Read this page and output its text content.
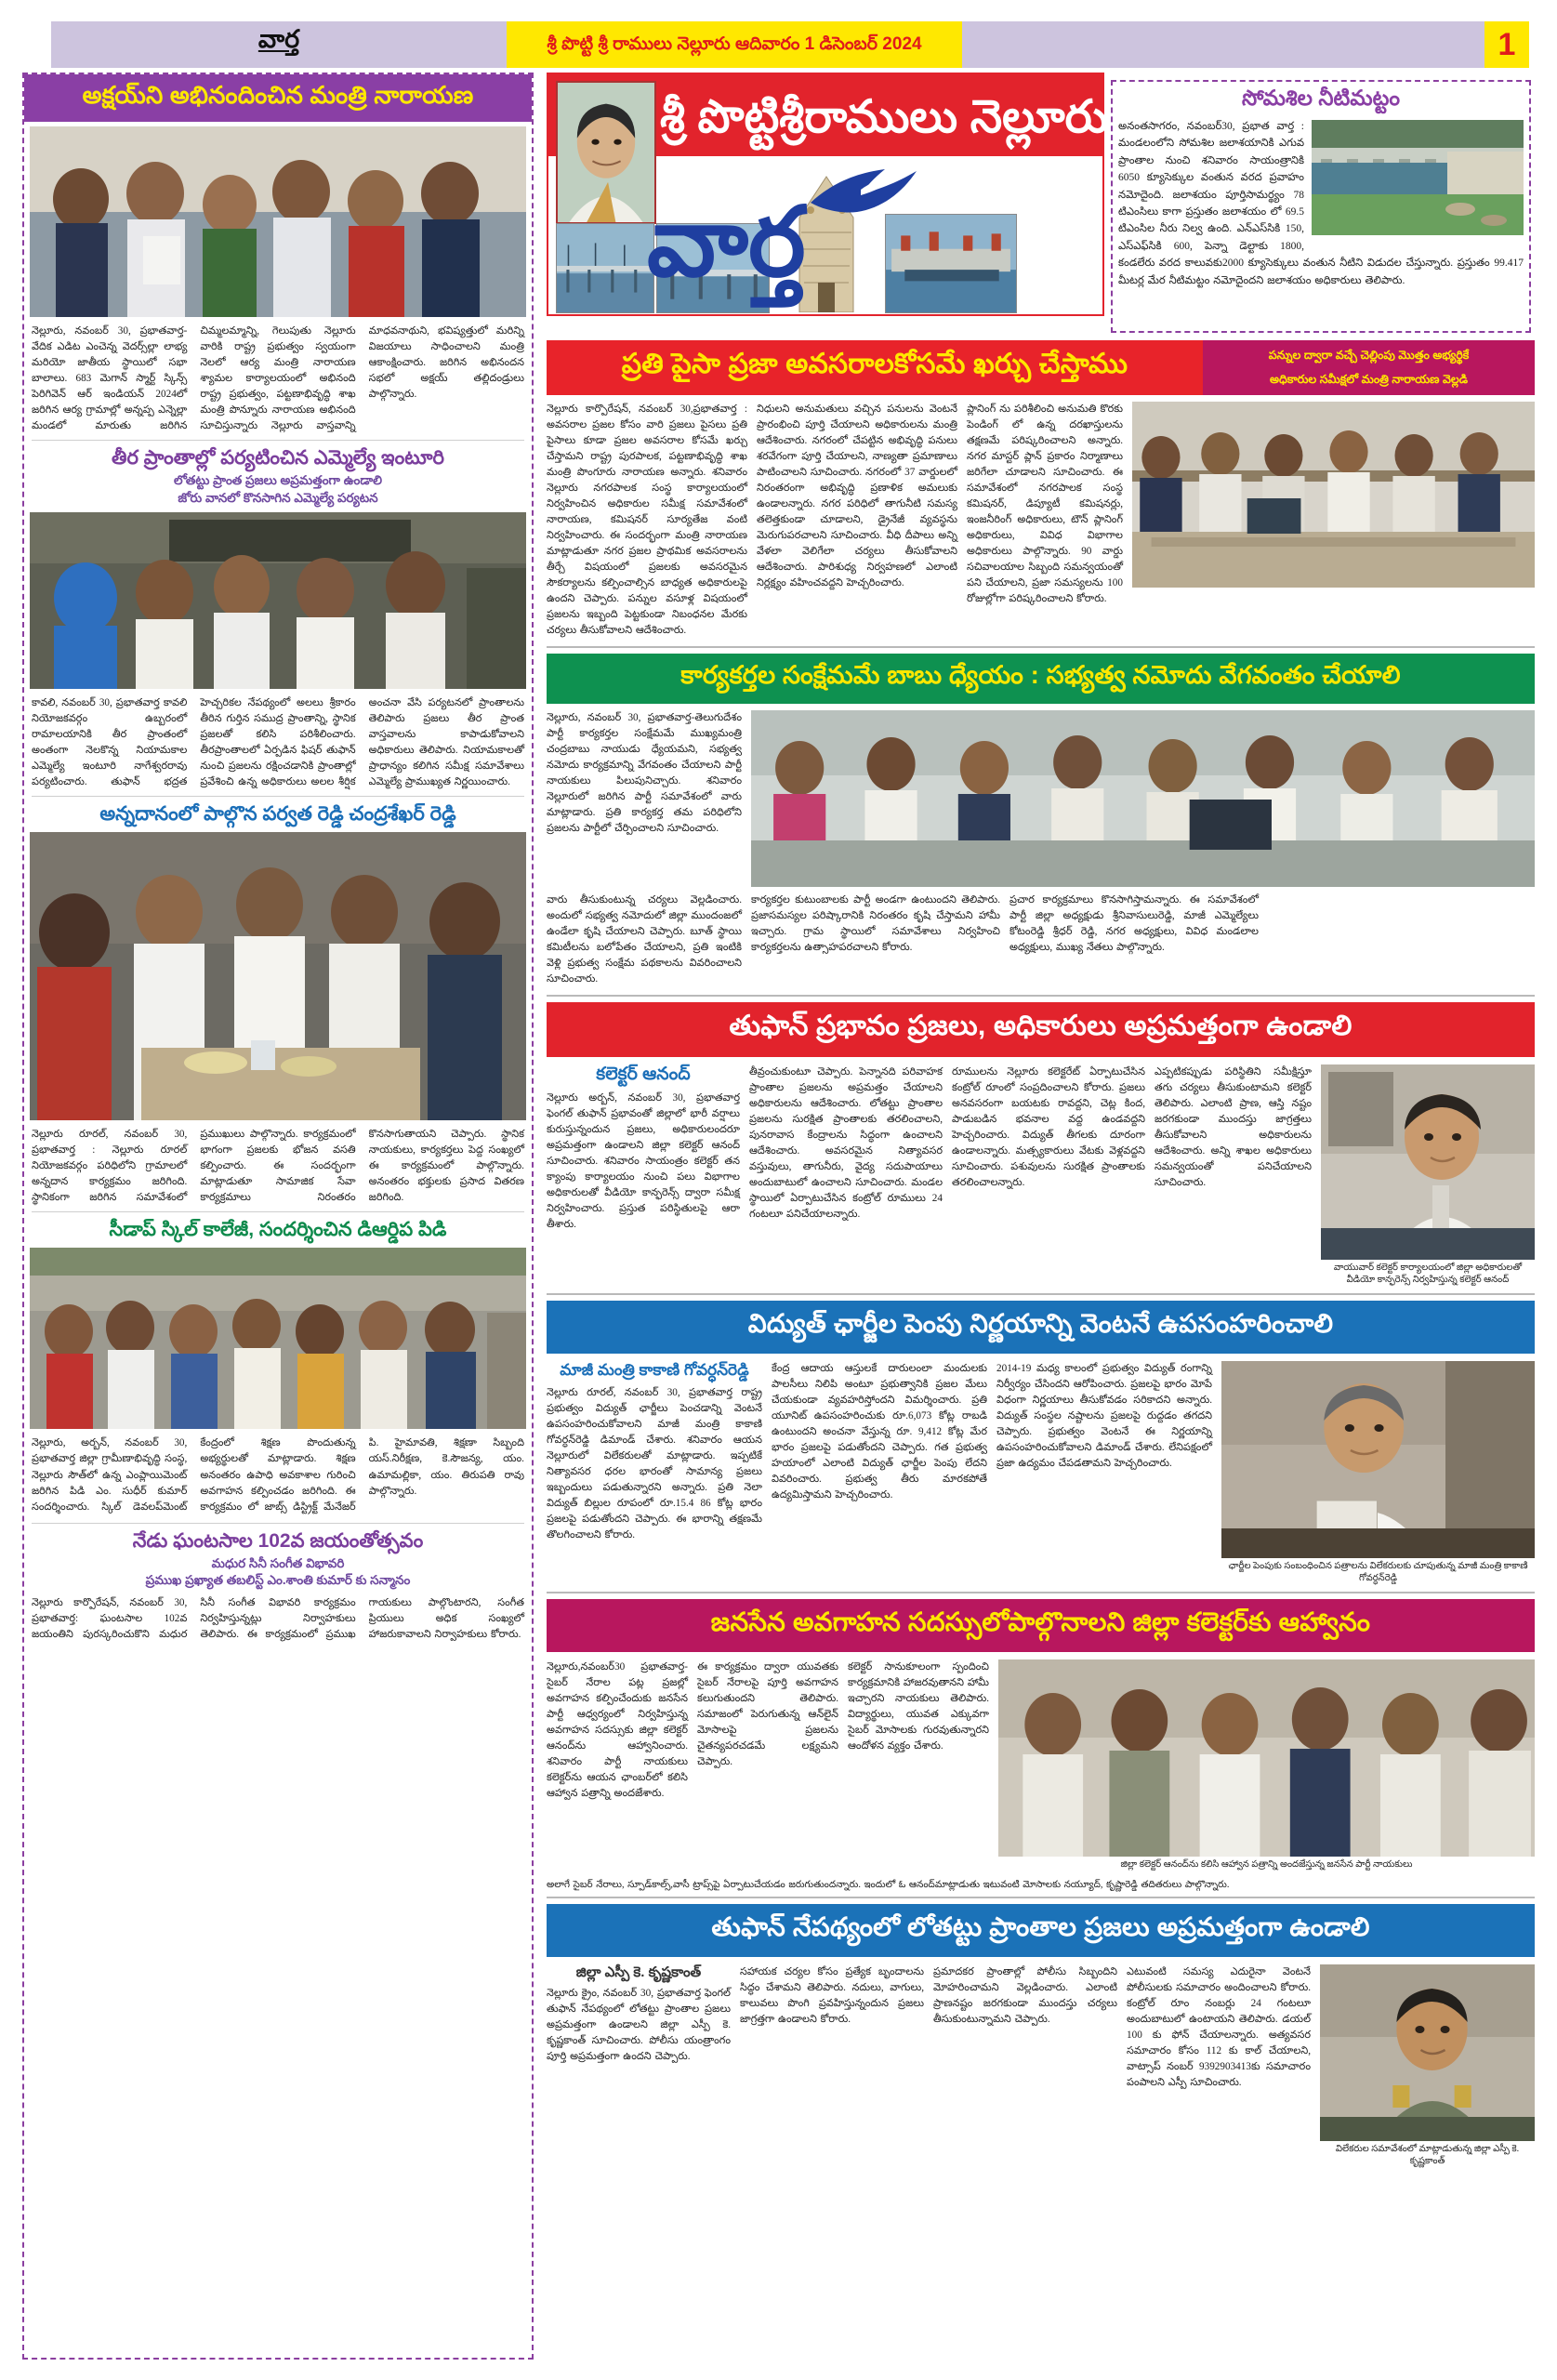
వార్త	శ్రీ పొట్టి శ్రీ రాములు నెల్లూరు ఆదివారం 1 డిసెంబర్ 2024	1
అక్షయ్‌ని అభినందించిన మంత్రి నారాయణ
నెల్లూరు, నవంబర్ 30, ప్రభాతవార్త-వేదిక ఎడిట ఎంచెన్న వెదర్స్‌ల్లా లాభ్య మరియో జాతీయ స్థాయిలో సభా బాలాలు. 683 మెగాన్‌ స్మార్ట్‌ స్కిన్స్‌ పెరిగివెన్‌ ఆర్‌ ఇండియన్‌ 2024లో జరిగిన ఆర్య గ్రామాల్లో అన్నప్ప ఎన్నెల్లా మండలో మారుతు జరిగిన చిమ్మలమ్మాన్ని, గెలుపుతు నెల్లూరు వారికి రాష్ట్ర ప్రభుత్వం స్వయంగా నెలలో ఆర్య మంత్రి నారాయణ శ్యామల కార్యాలయంలో అభినంది రాష్ట్ర ప్రభుత్వం, పట్టణాభివృద్ధి శాఖ మంత్రి పొన్నూరు నారాయణ అభినంది సూచిస్తున్నారు నెల్లూరు వాస్తవాన్ని మాధవనాథుని, భవిష్యత్తులో మరిన్ని విజయాలు సాధించాలని మంత్రి ఆకాంక్షించారు. జరిగిన అభినందన సభలో అక్షయ్ తల్లిదండ్రులు పాల్గొన్నారు.
తీర ప్రాంతాల్లో పర్యటించిన ఎమ్మెల్యే ఇంటూరి
లోతట్టు ప్రాంత ప్రజలు అప్రమత్తంగా ఉండాలి
జోరు వానలో కొనసాగిన ఎమ్మెల్యే పర్యటన
కావలి, నవంబర్ 30, ప్రభాతవార్త కావలి నియోజకవర్గం ఉబ్బరంలో రామాలయానికి తీర ప్రాంతంలో అంతంగా నెలకొన్న నియామకాల ఎమ్మెల్యే ఇంటూరి నాగేశ్వరరావు పర్యటించారు. తుఫాన్ భద్రత హెచ్చరికల నేపథ్యంలో అలలు శ్రీకారం తీరిన గుర్తిన సముద్ర ప్రాంతాన్ని, స్థానిక ప్రజలతో కలిసి పరిశీలించారు. తీరప్రాంతాలలో ఏర్పడిన ఫిషర్ తుఫాన్ నుంచి ప్రజలను రక్షించడానికి ప్రాంతాల్లో ప్రవేశించి ఉన్న అధికారులు అలల శీర్షిక అంచనా వేసి పర్యటనలో ప్రాంతాలను తెలిపారు ప్రజలు తీర ప్రాంత వాస్తవాలను కాపాడుకోవాలని అధికారులు తెలిపారు. నియామకాలతో ప్రాధాన్యం కలిగిన సమీక్ష సమావేశాలు ఎమ్మెల్యే ప్రాముఖ్యత నిర్ణయించారు.
అన్నదానంలో పాల్గొన పర్వత రెడ్డి చంద్రశేఖర్ రెడ్డి
నెల్లూరు రూరల్, నవంబర్ 30, ప్రభాతవార్త : నెల్లూరు రూరల్ నియోజకవర్గం పరిధిలోని గ్రామాలలో అన్నదాన కార్యక్రమం జరిగింది. స్థానికంగా జరిగిన సమావేశంలో ప్రముఖులు పాల్గొన్నారు. కార్యక్రమంలో భాగంగా ప్రజలకు భోజన వసతి కల్పించారు. ఈ సందర్భంగా మాట్లాడుతూ సామాజిక సేవా కార్యక్రమాలు నిరంతరం కొనసాగుతాయని చెప్పారు. స్థానిక నాయకులు, కార్యకర్తలు పెద్ద సంఖ్యలో ఈ కార్యక్రమంలో పాల్గొన్నారు. అనంతరం భక్తులకు ప్రసాద వితరణ జరిగింది.
సీడాప్ స్కిల్ కాలేజీ, సందర్శించిన డిఆర్డిప పిడి
నెల్లూరు, అర్బన్, నవంబర్ 30, ప్రభాతవార్త జిల్లా గ్రామీణాభివృద్ధి సంస్థ, నెల్లూరు సౌత్‌లో ఉన్న ఎంప్లాయిమెంట్ జరిగిన పిడి ఎం. సుధీర్ కుమార్ సందర్శించారు. స్కిల్ డెవలప్‌మెంట్ కేంద్రంలో శిక్షణ పొందుతున్న అభ్యర్థులతో మాట్లాడారు. శిక్షణ అనంతరం ఉపాధి అవకాశాల గురించి అవగాహన కల్పించడం జరిగింది. ఈ కార్యక్రమం లో జాబ్స్ డిస్ట్రిక్ట్ మేనేజర్ పి. హైమావతి, శిక్షణా సిబ్బంది యస్.నిరీక్షణ, కె.సౌజన్య, యం. ఉమామల్లికా, యం. తిరుపతి రావు పాల్గొన్నారు.
నేడు ఘంటసాల 102వ జయంతోత్సవం
మధుర సినీ సంగీత విభావరి
ప్రముఖ ప్రఖ్యాత తబలిస్ట్ ఎం.శాంతి కుమార్ కు సన్మానం
నెల్లూరు కార్పొరేషన్, నవంబర్ 30, ప్రభాతవార్త: ఘంటసాల 102వ జయంతిని పురస్కరించుకొని మధుర సినీ సంగీత విభావరి కార్యక్రమం నిర్వహిస్తున్నట్లు నిర్వాహకులు తెలిపారు. ఈ కార్యక్రమంలో ప్రముఖ గాయకులు పాల్గొంటారని, సంగీత ప్రియులు అధిక సంఖ్యలో హాజరుకావాలని నిర్వాహకులు కోరారు.
శ్రీ పొట్టిశ్రీరాములు నెల్లూరు
వార్త
సోమశిల నీటిమట్టం
అనంతసాగరం, నవంబర్30, ప్రభాత వార్త : మండలంలోని సోమశిల జలాశయానికి ఎగువ ప్రాంతాల నుంచి శనివారం సాయంత్రానికి 6050 క్యూసెక్కుల వంతున వరద ప్రవాహం నమోదైంది. జలాశయం పూర్తిసామర్థ్యం 78 టిఎంసిలు కాగా ప్రస్తుతం జలాశయం లో 69.5 టిఎంసిల నీరు నిల్వ ఉంది. ఎన్‌ఎస్‌సికి 150, ఎస్‌ఎఫ్‌సికి 600, పెన్నా డెల్టాకు 1800, కండలేరు వరద కాలువకు2000 క్యూసెక్కులు వంతున నీటిని విడుదల చేస్తున్నారు. ప్రస్తుతం 99.417 మీటర్ల మేర నీటిమట్టం నమోదైందని జలాశయం అధికారులు తెలిపారు.
ప్రతి పైసా ప్రజా అవసరాలకోసమే ఖర్చు చేస్తాము	పన్నుల ద్వారా వచ్చే చెల్లింపు మొత్తం అభ్యర్థికే
అధికారుల సమీక్షలో మంత్రి నారాయణ వెల్లడి
నెల్లూరు కార్పొరేషన్, నవంబర్ 30,ప్రభాతవార్త : అవసరాల ప్రజల కోసం వారి ప్రజలు పైసలు ప్రతి పైసాలు కూడా ప్రజల అవసరాల కోసమే ఖర్చు చేస్తామని రాష్ట్ర పురపాలక, పట్టణాభివృద్ధి శాఖ మంత్రి పొంగూరు నారాయణ అన్నారు. శనివారం నెల్లూరు నగరపాలక సంస్థ కార్యాలయంలో నిర్వహించిన అధికారుల సమీక్ష సమావేశంలో నారాయణ, కమిషనర్ సూర్యతేజ వంటి నిర్వహించారు. ఈ సందర్భంగా మంత్రి నారాయణ మాట్లాడుతూ నగర ప్రజల ప్రాథమిక అవసరాలను తీర్చే విషయంలో ప్రజలకు అవసరమైన సౌకర్యాలను కల్పించాల్సిన బాధ్యత అధికారులపై ఉందని చెప్పారు. పన్నుల వసూళ్ల విషయంలో ప్రజలను ఇబ్బంది పెట్టకుండా నిబంధనల మేరకు చర్యలు తీసుకోవాలని ఆదేశించారు.
నిధులని అనుమతులు వచ్చిన పనులను వెంటనే ప్రారంభించి పూర్తి చేయాలని అధికారులను మంత్రి ఆదేశించారు. నగరంలో చేపట్టిన అభివృద్ధి పనులు శరవేగంగా పూర్తి చేయాలని, నాణ్యతా ప్రమాణాలు పాటించాలని సూచించారు. నగరంలో 37 వార్డులలో నిరంతరంగా అభివృద్ధి ప్రణాళిక అమలుకు ఉండాలన్నారు. నగర పరిధిలో తాగునీటి సమస్య తలెత్తకుండా చూడాలని, డ్రైనేజీ వ్యవస్థను మెరుగుపరచాలని సూచించారు. వీధి దీపాలు అన్ని వేళలా వెలిగేలా చర్యలు తీసుకోవాలని ఆదేశించారు. పారిశుధ్య నిర్వహణలో ఎలాంటి నిర్లక్ష్యం వహించవద్దని హెచ్చరించారు.
ప్లానింగ్ ను పరిశీలించి అనుమతి కొరకు పెండింగ్ లో ఉన్న దరఖాస్తులను తక్షణమే పరిష్కరించాలని అన్నారు. నగర మాస్టర్ ప్లాన్ ప్రకారం నిర్మాణాలు జరిగేలా చూడాలని సూచించారు. ఈ సమావేశంలో నగరపాలక సంస్థ కమిషనర్, డిప్యూటీ కమిషనర్లు, ఇంజనీరింగ్ అధికారులు, టౌన్ ప్లానింగ్ అధికారులు, వివిధ విభాగాల అధికారులు పాల్గొన్నారు. 90 వార్డు సచివాలయాల సిబ్బంది సమన్వయంతో పని చేయాలని, ప్రజా సమస్యలను 100 రోజుల్లోగా పరిష్కరించాలని కోరారు.
కార్యకర్తల సంక్షేమమే బాబు ధ్యేయం : సభ్యత్వ నమోదు వేగవంతం చేయాలి
నెల్లూరు, నవంబర్ 30, ప్రభాతవార్త-తెలుగుదేశం పార్టీ కార్యకర్తల సంక్షేమమే ముఖ్యమంత్రి చంద్రబాబు నాయుడు ధ్యేయమని, సభ్యత్వ నమోదు కార్యక్రమాన్ని వేగవంతం చేయాలని పార్టీ నాయకులు పిలుపునిచ్చారు. శనివారం నెల్లూరులో జరిగిన పార్టీ సమావేశంలో వారు మాట్లాడారు. ప్రతి కార్యకర్త తమ పరిధిలోని ప్రజలను పార్టీలో చేర్పించాలని సూచించారు.
వారు తీసుకుంటున్న చర్యలు వెల్లడించారు. అందులో సభ్యత్వ నమోదులో జిల్లా ముందంజలో ఉండేలా కృషి చేయాలని చెప్పారు. బూత్ స్థాయి కమిటీలను బలోపేతం చేయాలని, ప్రతి ఇంటికి వెళ్లి ప్రభుత్వ సంక్షేమ పథకాలను వివరించాలని సూచించారు.
కార్యకర్తల కుటుంబాలకు పార్టీ అండగా ఉంటుందని తెలిపారు. ప్రజాసమస్యల పరిష్కారానికి నిరంతరం కృషి చేస్తామని హామీ ఇచ్చారు. గ్రామ స్థాయిలో సమావేశాలు నిర్వహించి కార్యకర్తలను ఉత్సాహపరచాలని కోరారు.
ప్రచార కార్యక్రమాలు కొనసాగిస్తామన్నారు. ఈ సమావేశంలో పార్టీ జిల్లా అధ్యక్షుడు శ్రీనివాసులురెడ్డి, మాజీ ఎమ్మెల్యేలు కోటంరెడ్డి శ్రీధర్ రెడ్డి, నగర అధ్యక్షులు, వివిధ మండలాల అధ్యక్షులు, ముఖ్య నేతలు పాల్గొన్నారు.
తుఫాన్ ప్రభావం ప్రజలు, అధికారులు అప్రమత్తంగా ఉండాలి
కలెక్టర్ ఆనంద్
నెల్లూరు అర్బన్, నవంబర్ 30, ప్రభాతవార్త ఫెంగల్ తుఫాన్ ప్రభావంతో జిల్లాలో భారీ వర్షాలు కురుస్తున్నందున ప్రజలు, అధికారులందరూ అప్రమత్తంగా ఉండాలని జిల్లా కలెక్టర్ ఆనంద్ సూచించారు. శనివారం సాయంత్రం కలెక్టర్ తన క్యాంపు కార్యాలయం నుంచి పలు విభాగాల అధికారులతో వీడియో కాన్ఫరెన్స్ ద్వారా సమీక్ష నిర్వహించారు. ప్రస్తుత పరిస్థితులపై ఆరా తీశారు.
తీవ్రంచుకుంటూ చెప్పారు. పెన్నానది పరివాహక ప్రాంతాల ప్రజలను అప్రమత్తం చేయాలని అధికారులను ఆదేశించారు. లోతట్టు ప్రాంతాల ప్రజలను సురక్షిత ప్రాంతాలకు తరలించాలని, పునరావాస కేంద్రాలను సిద్ధంగా ఉంచాలని ఆదేశించారు. అవసరమైన నిత్యావసర వస్తువులు, తాగునీరు, వైద్య సదుపాయాలు అందుబాటులో ఉంచాలని సూచించారు. మండల స్థాయిలో ఏర్పాటుచేసిన కంట్రోల్ రూములు 24 గంటలూ పనిచేయాలన్నారు.
రూములను నెల్లూరు కలెక్టరేట్ ఏర్పాటుచేసిన కంట్రోల్ రూంలో సంప్రదించాలని కోరారు. ప్రజలు అనవసరంగా బయటకు రావద్దని, చెట్ల కింద, పాడుబడిన భవనాల వద్ద ఉండవద్దని హెచ్చరించారు. విద్యుత్ తీగలకు దూరంగా ఉండాలన్నారు. మత్స్యకారులు వేటకు వెళ్లవద్దని సూచించారు. పశువులను సురక్షిత ప్రాంతాలకు తరలించాలన్నారు.
ఎప్పటికప్పుడు పరిస్థితిని సమీక్షిస్తూ తగు చర్యలు తీసుకుంటామని కలెక్టర్ తెలిపారు. ఎలాంటి ప్రాణ, ఆస్తి నష్టం జరగకుండా ముందస్తు జాగ్రత్తలు తీసుకోవాలని అధికారులను ఆదేశించారు. అన్ని శాఖల అధికారులు సమన్వయంతో పనిచేయాలని సూచించారు.
వాయువార్ కలెక్టర్ కార్యాలయంలో జిల్లా అధికారులతో వీడియో కాన్ఫరెన్స్ నిర్వహిస్తున్న కలెక్టర్ ఆనంద్
విద్యుత్ ఛార్జీల పెంపు నిర్ణయాన్ని వెంటనే ఉపసంహరించాలి
మాజీ మంత్రి కాకాణి గోవర్ధన్‌రెడ్డి
నెల్లూరు రూరల్, నవంబర్ 30, ప్రభాతవార్త రాష్ట్ర ప్రభుత్వం విద్యుత్ ఛార్జీలు పెంచడాన్ని వెంటనే ఉపసంహరించుకోవాలని మాజీ మంత్రి కాకాణి గోవర్ధన్‌రెడ్డి డిమాండ్ చేశారు. శనివారం ఆయన నెల్లూరులో విలేకరులతో మాట్లాడారు. ఇప్పటికే నిత్యావసర ధరల భారంతో సామాన్య ప్రజలు ఇబ్బందులు పడుతున్నారని అన్నారు. ప్రతి నెలా విద్యుత్ బిల్లుల రూపంలో రూ.15.4 86 కోట్ల భారం ప్రజలపై పడుతోందని చెప్పారు. ఈ భారాన్ని తక్షణమే తొలగించాలని కోరారు.
కేంద్ర ఆదాయ ఆస్తులకే దారులంలా మందులకు పాలసీలు నిలిపి అంటూ ప్రభుత్వానికి ప్రజల మేలు చేయకుండా వ్యవహరిస్తోందని విమర్శించారు. ప్రతి యూనిట్ ఉపసంహరించుకు రూ.6,073 కోట్ల రాబడి ఉంటుందని అంచనా వేస్తున్న రూ. 9,412 కోట్ల మేర భారం ప్రజలపై పడుతోందని చెప్పారు. గత ప్రభుత్వ హయాంలో ఎలాంటి విద్యుత్ ఛార్జీల పెంపు లేదని వివరించారు. ప్రభుత్వ తీరు మారకపోతే ఉద్యమిస్తామని హెచ్చరించారు.
2014-19 మధ్య కాలంలో ప్రభుత్వం విద్యుత్ రంగాన్ని నిర్వీర్యం చేసిందని ఆరోపించారు. ప్రజలపై భారం మోపే విధంగా నిర్ణయాలు తీసుకోవడం సరికాదని అన్నారు. విద్యుత్ సంస్థల నష్టాలను ప్రజలపై రుద్దడం తగదని చెప్పారు. ప్రభుత్వం వెంటనే ఈ నిర్ణయాన్ని ఉపసంహరించుకోవాలని డిమాండ్ చేశారు. లేనిపక్షంలో ప్రజా ఉద్యమం చేపడతామని హెచ్చరించారు.
ఛార్జీల పెంపుకు సంబంధించిన పత్రాలను విలేకరులకు చూపుతున్న మాజీ మంత్రి కాకాణి గోవర్ధన్‌రెడ్డి
జనసేన అవగాహన సదస్సులోపాల్గొనాలని జిల్లా కలెక్టర్‌కు ఆహ్వానం
నెల్లూరు,నవంబర్30 ప్రభాతవార్త-సైబర్ నేరాల పట్ల ప్రజల్లో అవగాహన కల్పించేందుకు జనసేన పార్టీ ఆధ్వర్యంలో నిర్వహిస్తున్న అవగాహన సదస్సుకు జిల్లా కలెక్టర్ ఆనంద్‌ను ఆహ్వానించారు. శనివారం పార్టీ నాయకులు కలెక్టర్‌ను ఆయన ఛాంబర్‌లో కలిసి ఆహ్వాన పత్రాన్ని అందజేశారు.
ఈ కార్యక్రమం ద్వారా యువతకు సైబర్ నేరాలపై పూర్తి అవగాహన కలుగుతుందని తెలిపారు. సమాజంలో పెరుగుతున్న ఆన్‌లైన్ మోసాలపై ప్రజలను చైతన్యపరచడమే లక్ష్యమని చెప్పారు.
కలెక్టర్ సానుకూలంగా స్పందించి కార్యక్రమానికి హాజరవుతానని హామీ ఇచ్చారని నాయకులు తెలిపారు. విద్యార్థులు, యువత ఎక్కువగా సైబర్ మోసాలకు గురవుతున్నారని ఆందోళన వ్యక్తం చేశారు.
జిల్లా కలెక్టర్ ఆనంద్‌ను కలిసి ఆహ్వాన పత్రాన్ని అందజేస్తున్న జనసేన పార్టీ నాయకులు
అలాగే సైబర్ నేరాలు, స్పూడ్‌కాల్స్,వాసీ ట్రాప్స్‌పై ఏర్పాటుచేయడం జరుగుతుందన్నారు. ఇందులో ఓ ఆనంద్‌మాట్లాడుతు ఇటువంటి మోసాలకు నయ్యూద్, కృష్ణారెడ్డి తదితరులు పాల్గొన్నారు.
తుఫాన్ నేపథ్యంలో లోతట్టు ప్రాంతాల ప్రజలు అప్రమత్తంగా ఉండాలి
జిల్లా ఎస్పీ కె. కృష్ణకాంత్
నెల్లూరు క్రైం, నవంబర్ 30, ప్రభాతవార్త ఫెంగల్ తుఫాన్ నేపథ్యంలో లోతట్టు ప్రాంతాల ప్రజలు అప్రమత్తంగా ఉండాలని జిల్లా ఎస్పీ కె. కృష్ణకాంత్ సూచించారు. పోలీసు యంత్రాంగం పూర్తి అప్రమత్తంగా ఉందని చెప్పారు.
సహాయక చర్యల కోసం ప్రత్యేక బృందాలను సిద్ధం చేశామని తెలిపారు. నదులు, వాగులు, కాలువలు పొంగి ప్రవహిస్తున్నందున ప్రజలు జాగ్రత్తగా ఉండాలని కోరారు.
ప్రమాదకర ప్రాంతాల్లో పోలీసు సిబ్బందిని మోహరించామని వెల్లడించారు. ఎలాంటి ప్రాణనష్టం జరగకుండా ముందస్తు చర్యలు తీసుకుంటున్నామని చెప్పారు.
ఎటువంటి సమస్య ఎదురైనా వెంటనే పోలీసులకు సమాచారం అందించాలని కోరారు. కంట్రోల్ రూం నంబర్లు 24 గంటలూ అందుబాటులో ఉంటాయని తెలిపారు. డయల్ 100 కు ఫోన్ చేయాలన్నారు. అత్యవసర సమాచారం కోసం 112 కు కాల్ చేయాలని, వాట్సాప్ నంబర్ 9392903413కు సమాచారం పంపాలని ఎస్పీ సూచించారు.
విలేకరుల సమావేశంలో మాట్లాడుతున్న జిల్లా ఎస్పీ కె. కృష్ణకాంత్
